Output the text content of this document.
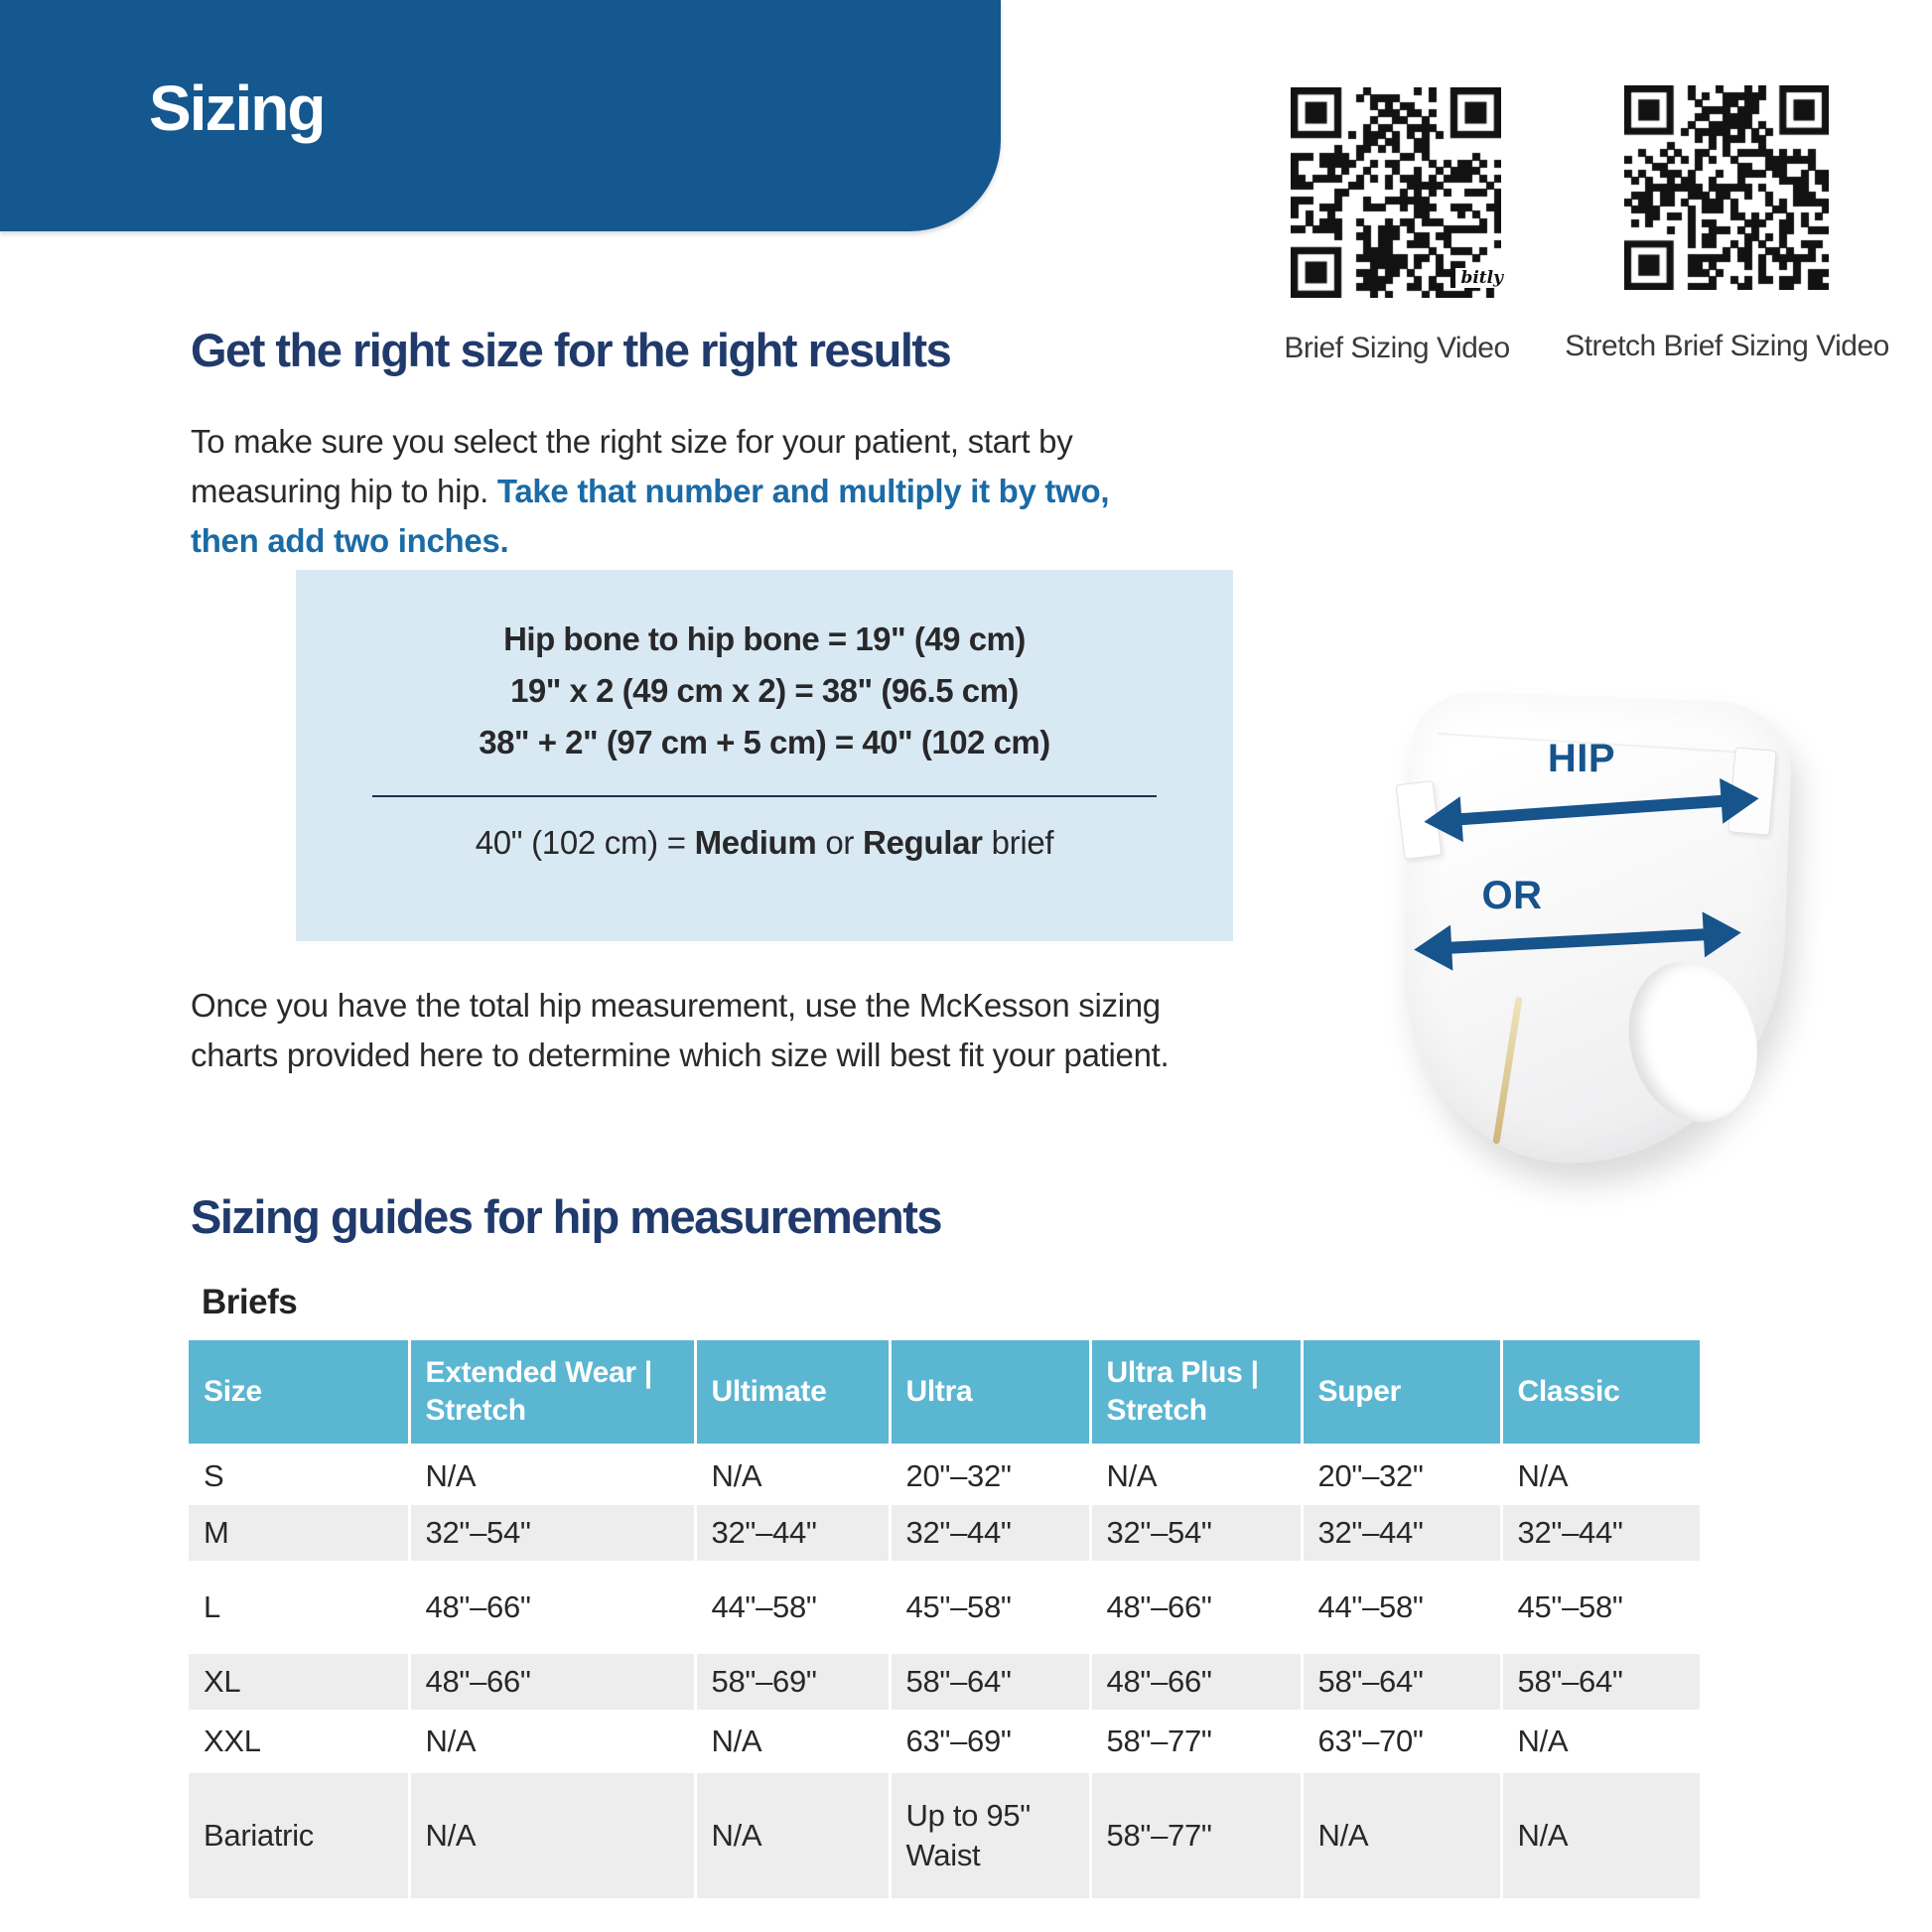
Sizing
bitly
Brief Sizing Video	Stretch Brief Sizing Video
Get the right size for the right results
To make sure you select the right size for your patient, start by measuring hip to hip. Take that number and multiply it by two, then add two inches.
Hip bone to hip bone = 19" (49 cm)
19" x 2 (49 cm x 2) = 38" (96.5 cm)
38" + 2" (97 cm + 5 cm) = 40" (102 cm)
40" (102 cm) = Medium or Regular brief
HIP
OR
Once you have the total hip measurement, use the McKesson sizing charts provided here to determine which size will best fit your patient.
Sizing guides for hip measurements
Briefs
Size	Extended Wear | Stretch	Ultimate	Ultra	Ultra Plus | Stretch	Super	Classic
S	N/A	N/A	20"–32"	N/A	20"–32"	N/A
M	32"–54"	32"–44"	32"–44"	32"–54"	32"–44"	32"–44"
L	48"–66"	44"–58"	45"–58"	48"–66"	44"–58"	45"–58"
XL	48"–66"	58"–69"	58"–64"	48"–66"	58"–64"	58"–64"
XXL	N/A	N/A	63"–69"	58"–77"	63"–70"	N/A
Bariatric	N/A	N/A	Up to 95" Waist	58"–77"	N/A	N/A
